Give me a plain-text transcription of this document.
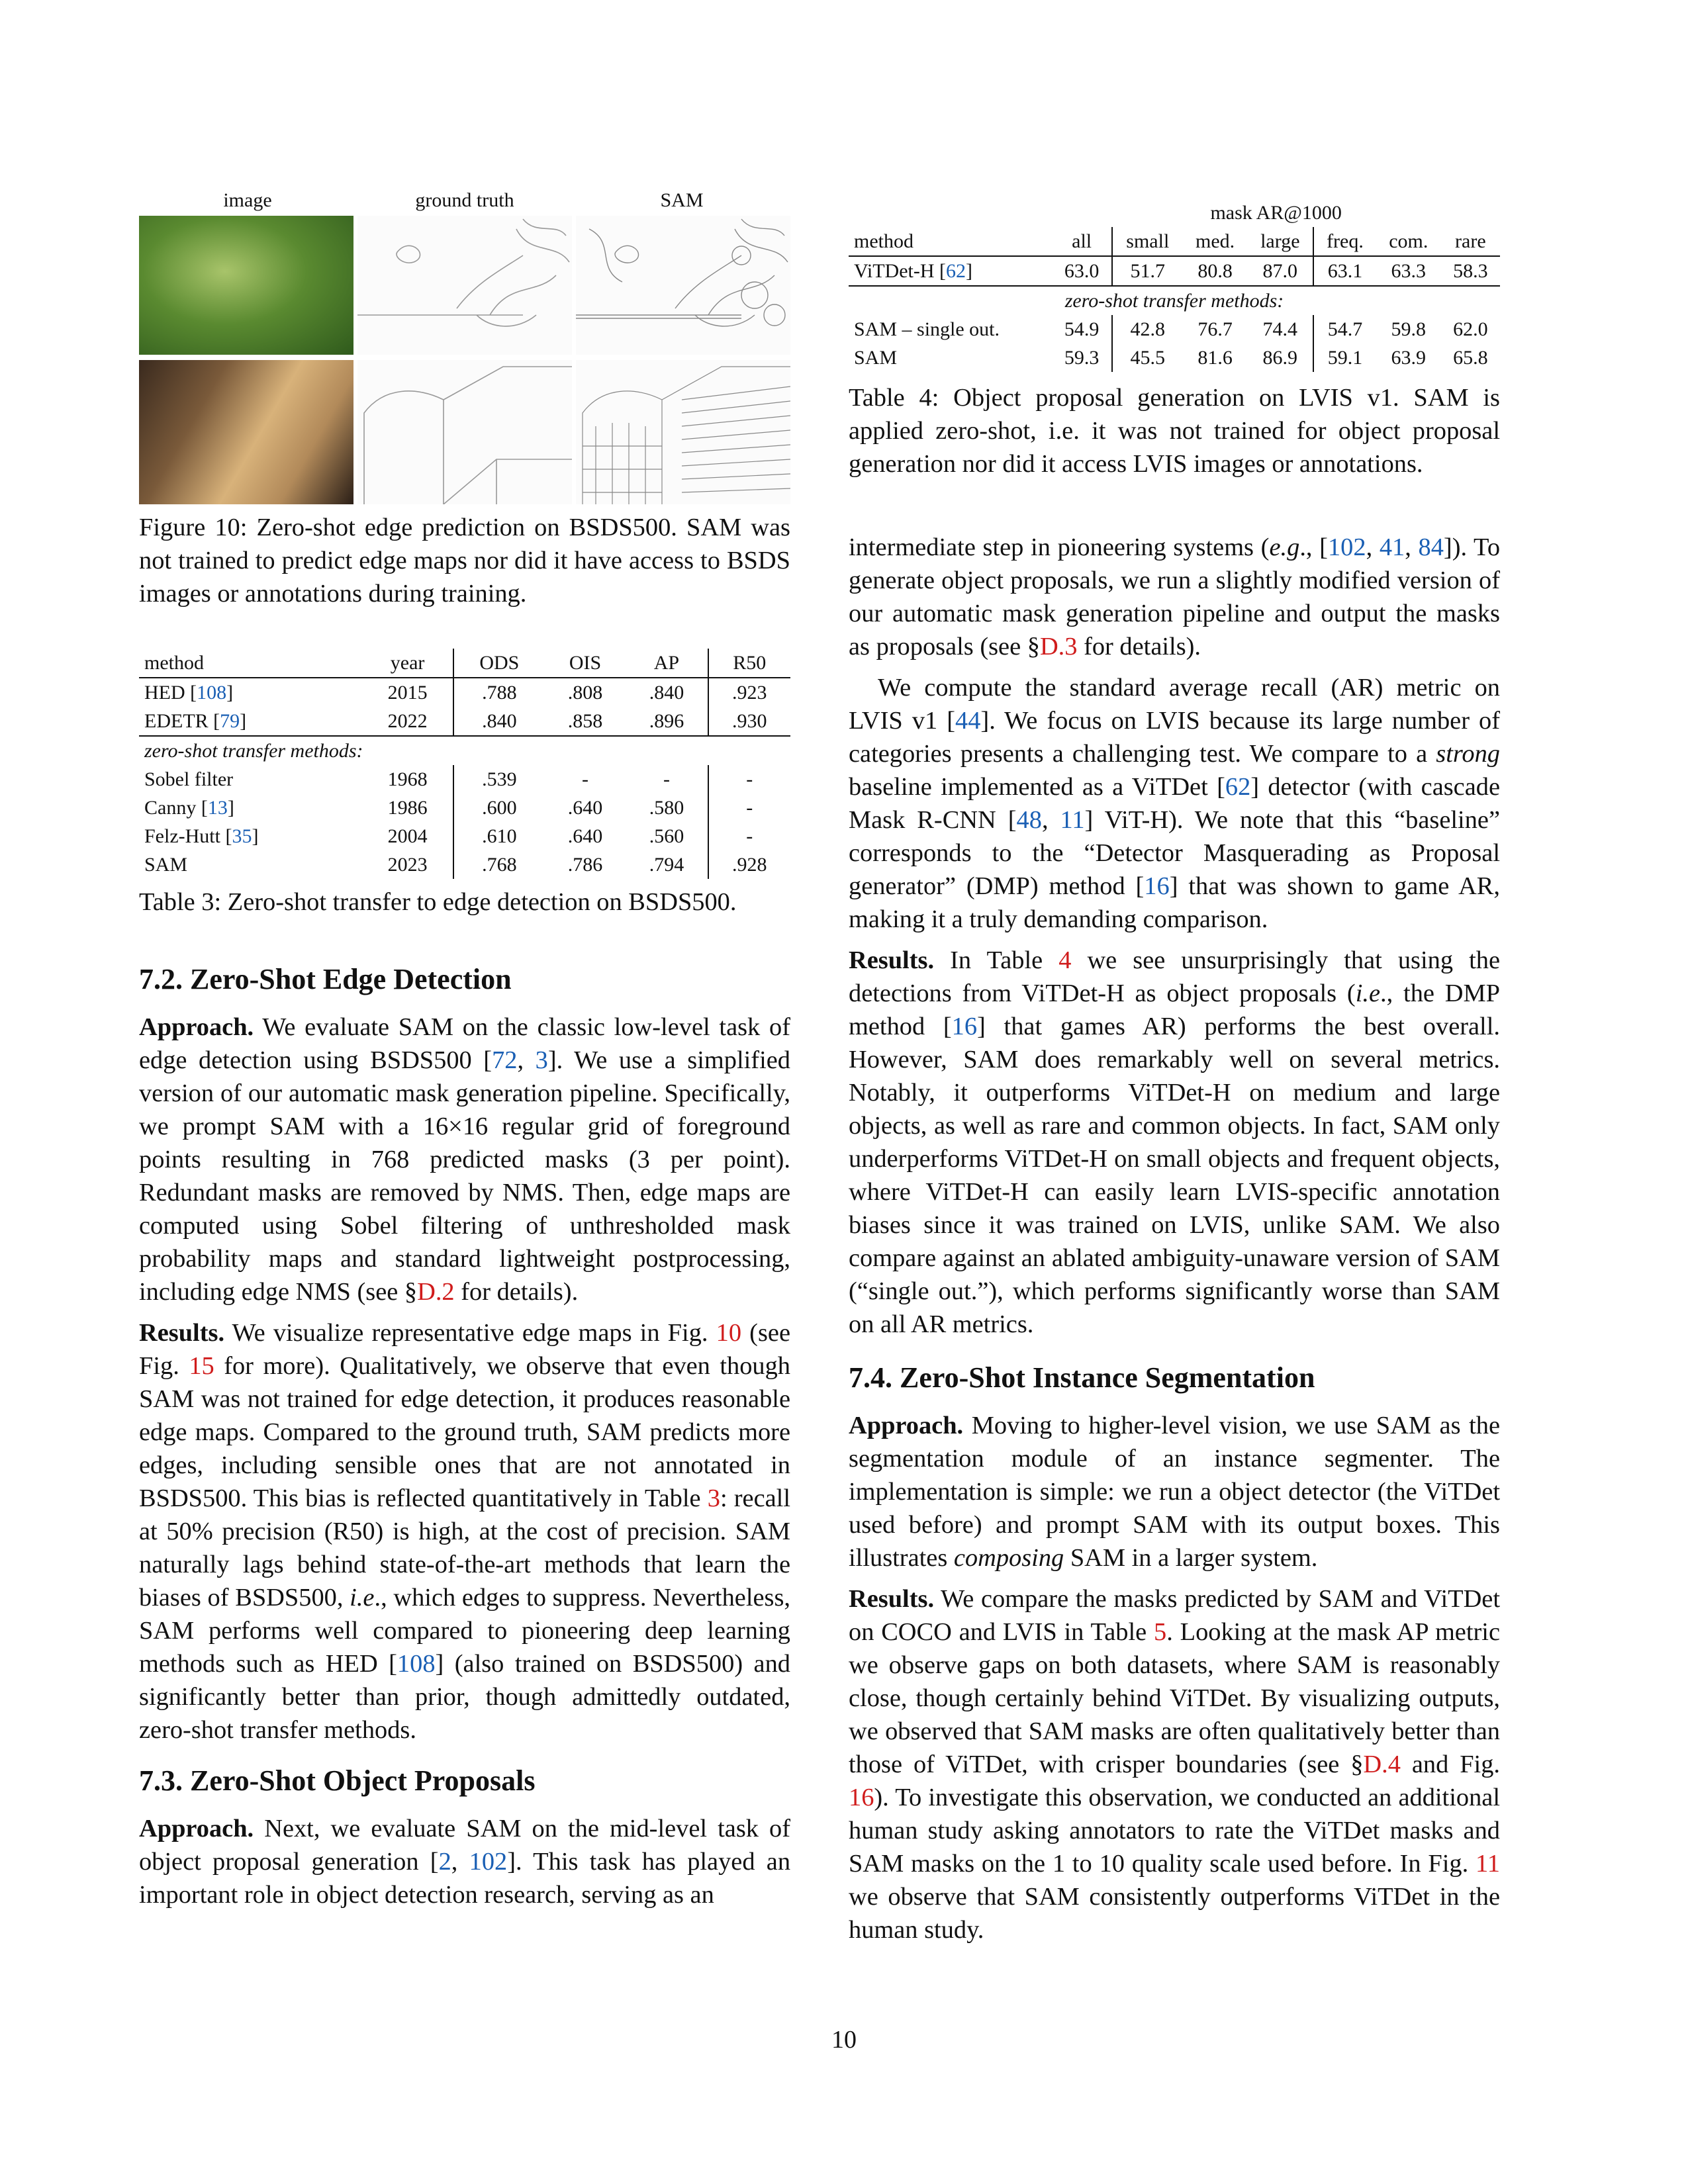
image	ground truth	SAM

Figure 10: Zero-shot edge prediction on BSDS500. SAM was not trained to predict edge maps nor did it have access to BSDS images or annotations during training.

method	year	ODS	OIS	AP	R50
HED [108]	2015	.788	.808	.840	.923
EDETR [79]	2022	.840	.858	.896	.930
zero-shot transfer methods:					
Sobel filter	1968	.539	-	-	-
Canny [13]	1986	.600	.640	.580	-
Felz-Hutt [35]	2004	.610	.640	.560	-
SAM	2023	.768	.786	.794	.928

Table 3: Zero-shot transfer to edge detection on BSDS500.

7.2. Zero-Shot Edge Detection

Approach. We evaluate SAM on the classic low-level task of edge detection using BSDS500 [72, 3]. We use a simplified version of our automatic mask generation pipeline. Specifically, we prompt SAM with a 16×16 regular grid of foreground points resulting in 768 predicted masks (3 per point). Redundant masks are removed by NMS. Then, edge maps are computed using Sobel filtering of unthresholded mask probability maps and standard lightweight postprocessing, including edge NMS (see §D.2 for details).

Results. We visualize representative edge maps in Fig. 10 (see Fig. 15 for more). Qualitatively, we observe that even though SAM was not trained for edge detection, it produces reasonable edge maps. Compared to the ground truth, SAM predicts more edges, including sensible ones that are not annotated in BSDS500. This bias is reflected quantitatively in Table 3: recall at 50% precision (R50) is high, at the cost of precision. SAM naturally lags behind state-of-the-art methods that learn the biases of BSDS500, i.e., which edges to suppress. Nevertheless, SAM performs well compared to pioneering deep learning methods such as HED [108] (also trained on BSDS500) and significantly better than prior, though admittedly outdated, zero-shot transfer methods.

7.3. Zero-Shot Object Proposals

Approach. Next, we evaluate SAM on the mid-level task of object proposal generation [2, 102]. This task has played an important role in object detection research, serving as an

	mask AR@1000						
method	all	small	med.	large	freq.	com.	rare
ViTDet-H [62]	63.0	51.7	80.8	87.0	63.1	63.3	58.3
zero-shot transfer methods:							
SAM – single out.	54.9	42.8	76.7	74.4	54.7	59.8	62.0
SAM	59.3	45.5	81.6	86.9	59.1	63.9	65.8

Table 4: Object proposal generation on LVIS v1. SAM is applied zero-shot, i.e. it was not trained for object proposal generation nor did it access LVIS images or annotations.

intermediate step in pioneering systems (e.g., [102, 41, 84]). To generate object proposals, we run a slightly modified version of our automatic mask generation pipeline and output the masks as proposals (see §D.3 for details).

We compute the standard average recall (AR) metric on LVIS v1 [44]. We focus on LVIS because its large number of categories presents a challenging test. We compare to a strong baseline implemented as a ViTDet [62] detector (with cascade Mask R-CNN [48, 11] ViT-H). We note that this “baseline” corresponds to the “Detector Masquerading as Proposal generator” (DMP) method [16] that was shown to game AR, making it a truly demanding comparison.

Results. In Table 4 we see unsurprisingly that using the detections from ViTDet-H as object proposals (i.e., the DMP method [16] that games AR) performs the best overall. However, SAM does remarkably well on several metrics. Notably, it outperforms ViTDet-H on medium and large objects, as well as rare and common objects. In fact, SAM only underperforms ViTDet-H on small objects and frequent objects, where ViTDet-H can easily learn LVIS-specific annotation biases since it was trained on LVIS, unlike SAM. We also compare against an ablated ambiguity-unaware version of SAM (“single out.”), which performs significantly worse than SAM on all AR metrics.

7.4. Zero-Shot Instance Segmentation

Approach. Moving to higher-level vision, we use SAM as the segmentation module of an instance segmenter. The implementation is simple: we run a object detector (the ViTDet used before) and prompt SAM with its output boxes. This illustrates composing SAM in a larger system.

Results. We compare the masks predicted by SAM and ViTDet on COCO and LVIS in Table 5. Looking at the mask AP metric we observe gaps on both datasets, where SAM is reasonably close, though certainly behind ViTDet. By visualizing outputs, we observed that SAM masks are often qualitatively better than those of ViTDet, with crisper boundaries (see §D.4 and Fig. 16). To investigate this observation, we conducted an additional human study asking annotators to rate the ViTDet masks and SAM masks on the 1 to 10 quality scale used before. In Fig. 11 we observe that SAM consistently outperforms ViTDet in the human study.

10
